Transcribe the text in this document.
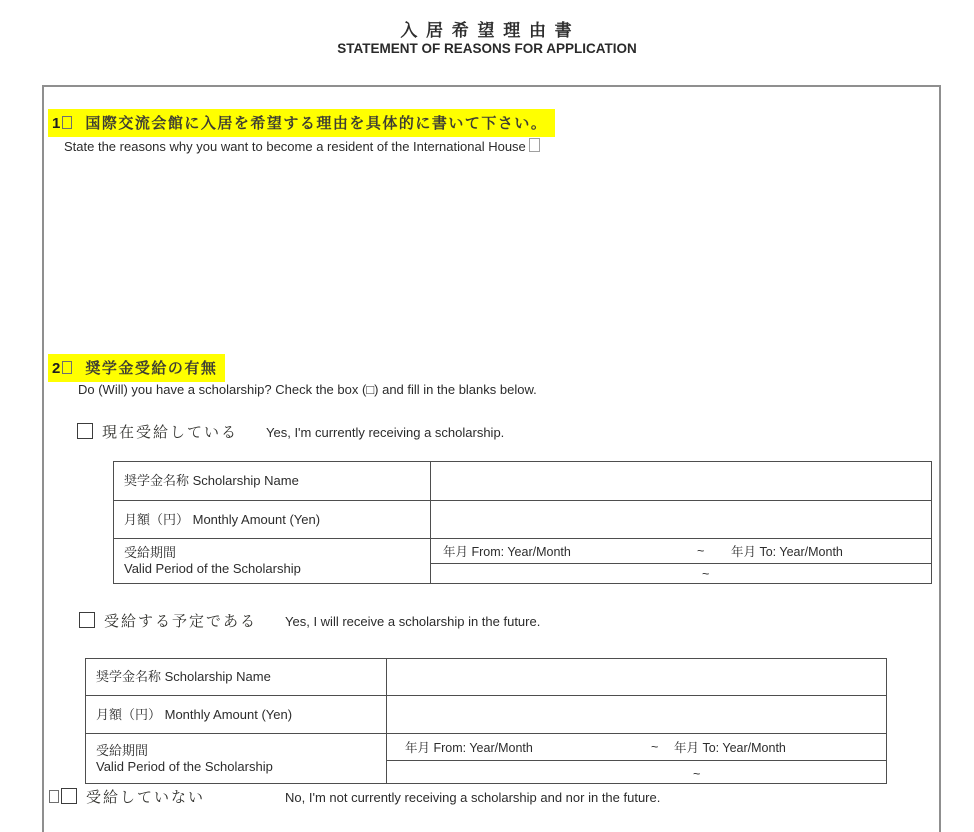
入 居 希 望 理 由 書
STATEMENT OF REASONS FOR APPLICATION
1 国際交流会館に入居を希望する理由を具体的に書いて下さい。
State the reasons why you want to become a resident of the International House
2 奨学金受給の有無
Do (Will) you have a scholarship? Check the box (□) and fill in the blanks below.
現在受給している Yes, I'm currently receiving a scholarship.
奨学金名称 Scholarship Name
月額（円） Monthly Amount (Yen)
受給期間
Valid Period of the Scholarship
年月 From: Year/Month	~ 年月 To: Year/Month
~
受給する予定である Yes, I will receive a scholarship in the future.
奨学金名称 Scholarship Name
月額（円） Monthly Amount (Yen)
受給期間
Valid Period of the Scholarship
年月 From: Year/Month	~ 年月 To: Year/Month
~
受給していない	No, I'm not currently receiving a scholarship and nor in the future.
